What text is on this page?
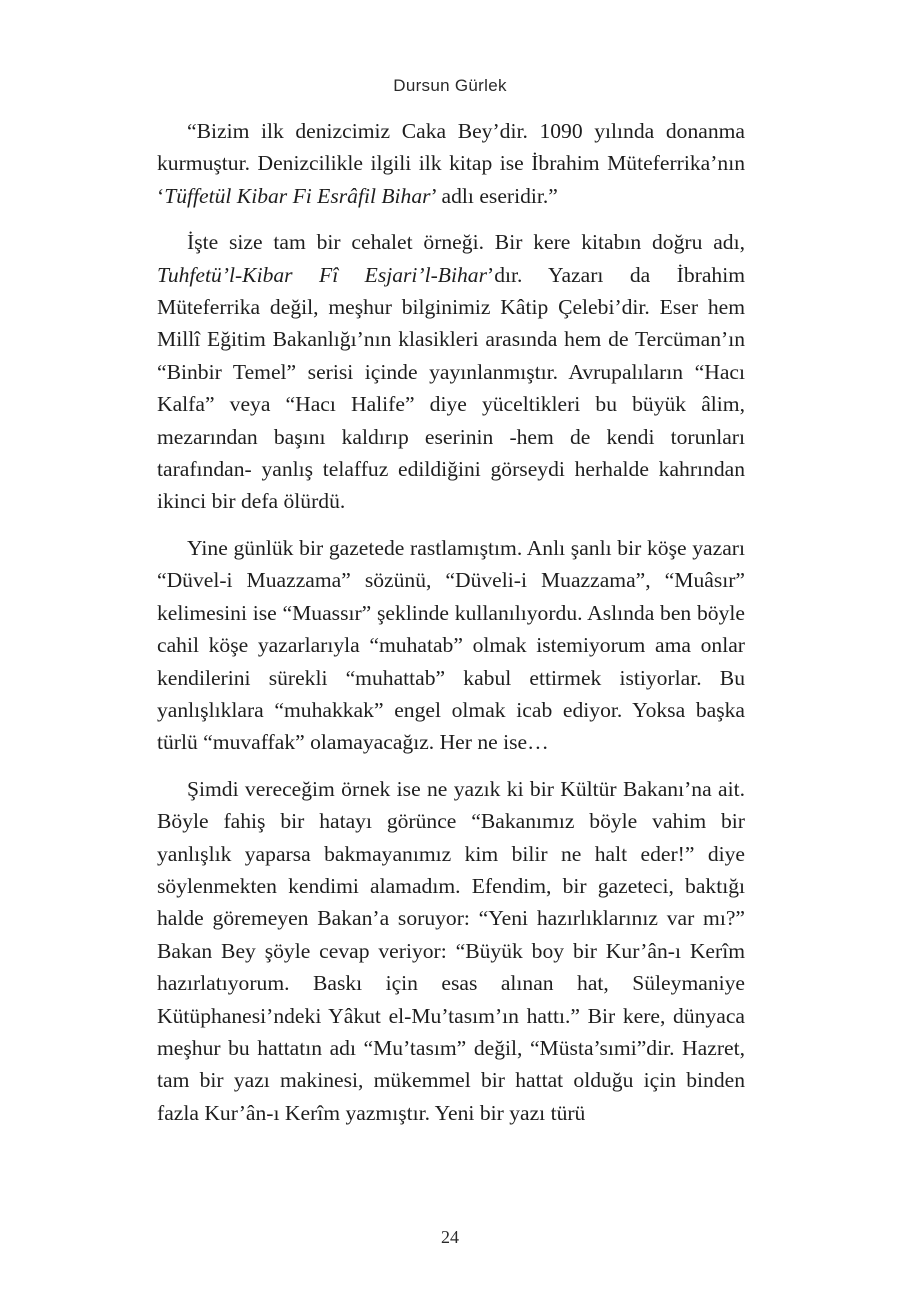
Dursun Gürlek

“Bizim ilk denizcimiz Caka Bey’dir. 1090 yılında donanma kurmuştur. Denizcilikle ilgili ilk kitap ise İbrahim Müteferrika’nın ‘Tüffetül Kibar Fi Esrâfil Bihar’ adlı eseridir.”

İşte size tam bir cehalet örneği. Bir kere kitabın doğru adı, Tuhfetü’l-Kibar Fî Esjari’l-Bihar’dır. Yazarı da İbrahim Müteferrika değil, meşhur bilginimiz Kâtip Çelebi’dir. Eser hem Millî Eğitim Bakanlığı’nın klasikleri arasında hem de Tercüman’ın “Binbir Temel” serisi içinde yayınlanmıştır. Avrupalıların “Hacı Kalfa” veya “Hacı Halife” diye yüceltikleri bu büyük âlim, mezarından başını kaldırıp eserinin -hem de kendi torunları tarafından- yanlış telaffuz edildiğini görseydi herhalde kahrından ikinci bir defa ölürdü.

Yine günlük bir gazetede rastlamıştım. Anlı şanlı bir köşe yazarı “Düvel-i Muazzama” sözünü, “Düveli-i Muazzama”, “Muâsır” kelimesini ise “Muassır” şeklinde kullanılıyordu. Aslında ben böyle cahil köşe yazarlarıyla “muhatab” olmak istemiyorum ama onlar kendilerini sürekli “muhattab” kabul ettirmek istiyorlar. Bu yanlışlıklara “muhakkak” engel olmak icab ediyor. Yoksa başka türlü “muvaffak” olamayacağız. Her ne ise…

Şimdi vereceğim örnek ise ne yazık ki bir Kültür Bakanı’na ait. Böyle fahiş bir hatayı görünce “Bakanımız böyle vahim bir yanlışlık yaparsa bakmayanımız kim bilir ne halt eder!” diye söylenmekten kendimi alamadım. Efendim, bir gazeteci, baktığı halde göremeyen Bakan’a soruyor: “Yeni hazırlıklarınız var mı?” Bakan Bey şöyle cevap veriyor: “Büyük boy bir Kur’ân-ı Kerîm hazırlatıyorum. Baskı için esas alınan hat, Süleymaniye Kütüphanesi’ndeki Yâkut el-Mu’tasım’ın hattı.” Bir kere, dünyaca meşhur bu hattatın adı “Mu’tasım” değil, “Müsta’sımi”dir. Hazret, tam bir yazı makinesi, mükemmel bir hattat olduğu için binden fazla Kur’ân-ı Kerîm yazmıştır. Yeni bir yazı türü

24
